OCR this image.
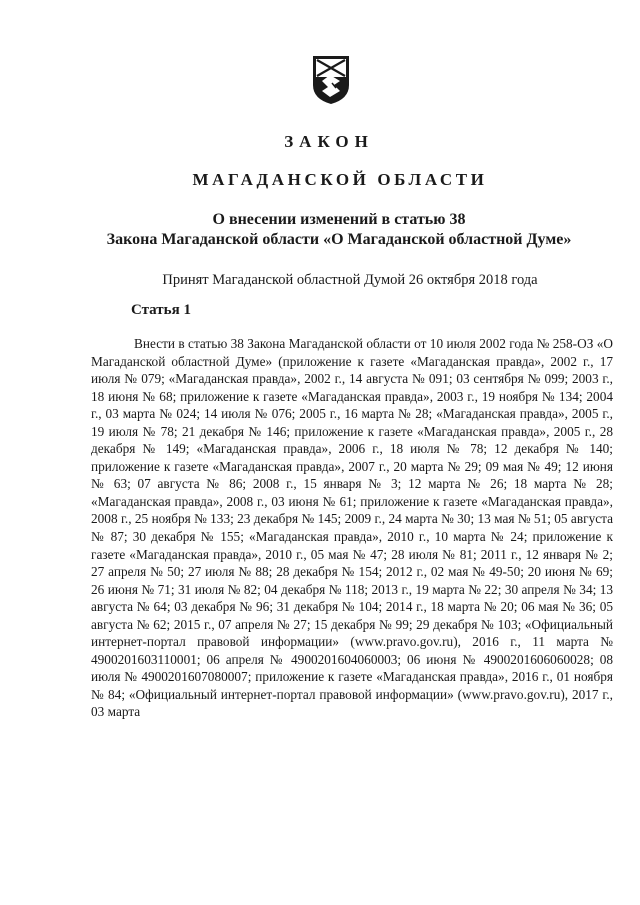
ЗАКОН
МАГАДАНСКОЙ ОБЛАСТИ
О внесении изменений в статью 38
Закона Магаданской области «О Магаданской областной Думе»
Принят Магаданской областной Думой 26 октября 2018 года
Статья 1

Внести в статью 38 Закона Магаданской области от 10 июля 2002 года № 258-ОЗ «О Магаданской областной Думе» (приложение к газете «Магаданская правда», 2002 г., 17 июля № 079; «Магаданская правда», 2002 г., 14 августа № 091; 03 сентября № 099; 2003 г., 18 июня № 68; приложение к газете «Магаданская правда», 2003 г., 19 ноября № 134; 2004 г., 03 марта № 024; 14 июля № 076; 2005 г., 16 марта № 28; «Магаданская правда», 2005 г., 19 июля № 78; 21 декабря № 146; приложение к газете «Магаданская правда», 2005 г., 28 декабря № 149; «Магаданская правда», 2006 г., 18 июля № 78; 12 декабря № 140; приложение к газете «Магаданская правда», 2007 г., 20 марта № 29; 09 мая № 49; 12 июня № 63; 07 августа № 86; 2008 г., 15 января № 3; 12 марта № 26; 18 марта № 28; «Магаданская правда», 2008 г., 03 июня № 61; приложение к газете «Магаданская правда», 2008 г., 25 ноября № 133; 23 декабря № 145; 2009 г., 24 марта № 30; 13 мая № 51; 05 августа № 87; 30 декабря № 155; «Магаданская правда», 2010 г., 10 марта № 24; приложение к газете «Магаданская правда», 2010 г., 05 мая № 47; 28 июля № 81; 2011 г., 12 января № 2; 27 апреля № 50; 27 июля № 88; 28 декабря № 154; 2012 г., 02 мая № 49-50; 20 июня № 69; 26 июня № 71; 31 июля № 82; 04 декабря № 118; 2013 г., 19 марта № 22; 30 апреля № 34; 13 августа № 64; 03 декабря № 96; 31 декабря № 104; 2014 г., 18 марта № 20; 06 мая № 36; 05 августа № 62; 2015 г., 07 апреля № 27; 15 декабря № 99; 29 декабря № 103; «Официальный интернет-портал правовой информации» (www.pravo.gov.ru), 2016 г., 11 марта № 4900201603110001; 06 апреля № 4900201604060003; 06 июня № 4900201606060028; 08 июля № 4900201607080007; приложение к газете «Магаданская правда», 2016 г., 01 ноября № 84; «Официальный интернет-портал правовой информации» (www.pravo.gov.ru), 2017 г., 03 марта
